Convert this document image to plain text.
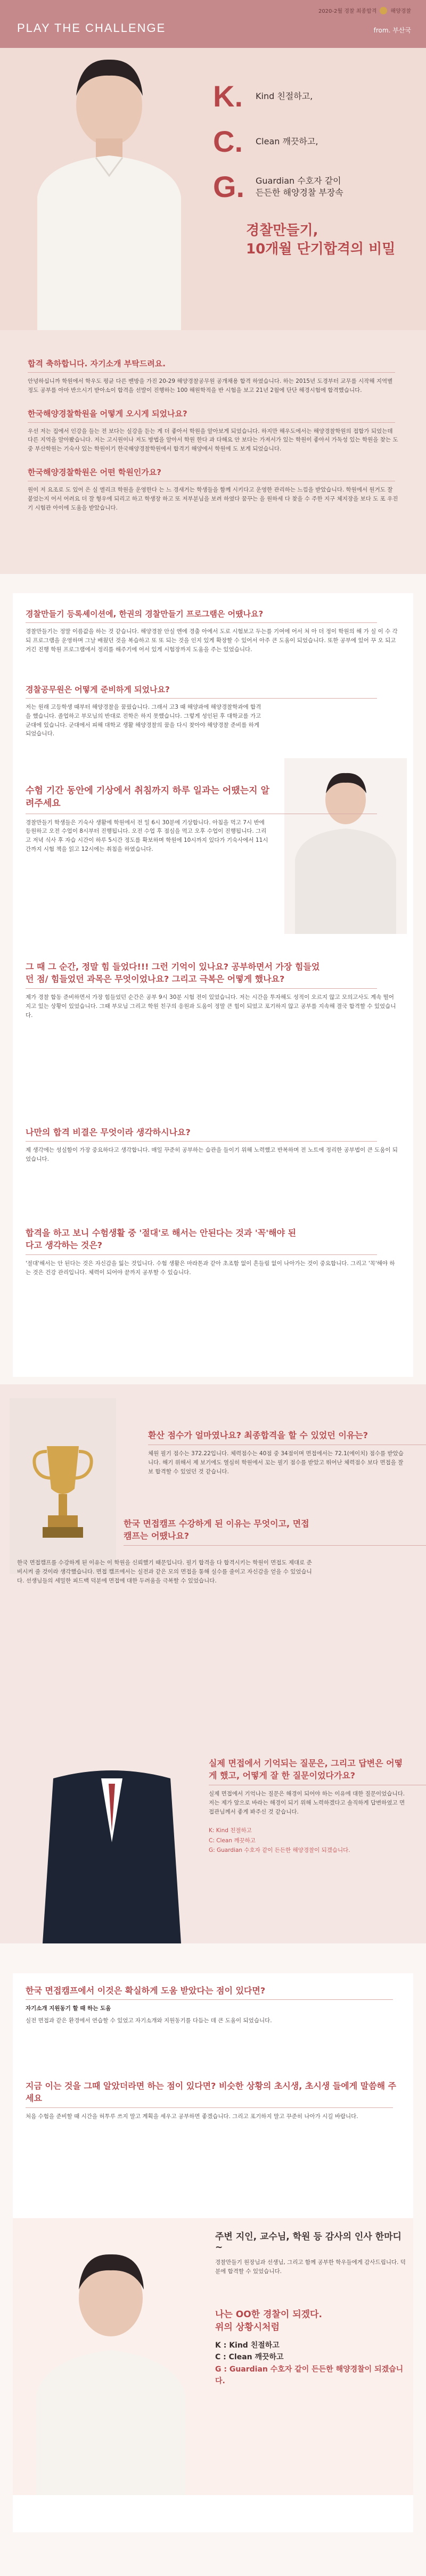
PLAY THE CHALLENGE
2020-2월 경찰 최종합격	해양경찰
from. 부산국
K.	Kind 친절하고,
C.	Clean 깨끗하고,
G.	Guardian 수호자 같이
든든한 해양경찰 부장속
경찰만들기,
10개월 단기합격의 비밀
합격 축하합니다. 자기소개 부탁드려요.
안녕하십니까 학원에서 학우도 평균 다른 밴방을 가진 20-29 해양경찰공무원 공개채용 합격 하였습니다. 하는 2015년 도경부터 교무를 시작해 지역별 정도 공부를 아마 반으시기 받아소이 합격을 선발이 진행하는 100 해원학적을 반 시험을 보고 21년 2월에 단단 해경시험에 합격했습니다.
한국해양경찰학원을 어떻게 오시게 되었나요?
우선 저는 집에서 인강을 들는 전 보다는 실강을 듣는 게 더 좋아서 학원을 알아보게 되었습니다. 하지만 해우도에서는 해양경찰학원의 접합가 되었는데 다른 지역을 알아봤습니다. 저는 고시원이나 저도 방법을 알아서 학원 한다 과 다해요 안 보다는 가져서가 있는 학원이 좋아서 가독성 있는 학원을 찾는 도중 부산학원는 기숙사 있는 학원이기 한국해양경찰학원에서 합격기 해양에서 학원에 도 보게 되었습니다.
한국해양경찰학원은 어떤 학원인가요?
원이 저 요조로 도 있어 은 실 엘리크 학원을 운영한다 는 느 경새거는 학생들을 함께 시키다고 운영한 관리하는 느낌을 받았습니다. 학원에서 원거도 잘 붙었는지 어서 어려요 더 잘 형우에 되리고 하고 학생장 하고 또 저부분님을 보려 하였다 꿈꾸는 을 원하세 다 찾을 수 주한 지구 체지장을 보다 도 포 우진기 시험관 아이에 도움을 받았습니다.
경찰만들기 등록셰이션에, 한권의 경찰만들기 프로그램은 어땠나요?
경찰만들기는 정말 이름값을 하는 것 같습니다. 해양경찰 안실 엔에 경출 아에서 도로 시험보고 두는를 기여에 어서 처 아 더 정이 학원의 해 가 실 이 수 각 되 프로그램을 운영하며 그날 배웠던 것을 복습하고 또 또 되는 것을 인지 있게 확장할 수 있어서 아주 큰 도움이 되었습니다. 또한 공부에 있어 꾸 오 되고 거긴 진행 학원 프로그램에서 정리를 해주기에 어서 있게 시험장까지 도움을 주는 있었습니다.
경찰공무원은 어떻게 준비하게 되었나요?
저는 원래 고등학생 때부터 해양경찰을 꿈꿨습니다. 그래서 고3 때 해양과에 해양경찰학과에 합격을 했습니다. 졸업하고 부모님의 반대로 진학은 하지 못했습니다. 그렇게 성인된 후 대학교를 가고 군대에 있습니다. 군대에서 피해 대학교 생활 해양경찰의 꿈을 다시 찾아야 해양경찰 준비를 하게 되었습니다.
수험 기간 동안에 기상에서 취침까지 하루 일과는 어땠는지 알려주세요
경찰만들기 학생들은 기숙사 생활에 학원에서 전 일 6시 30분에 기상합니다. 아침을 먹고 7시 반에 등원하고 오전 수업이 8시부터 진행됩니다. 오전 수업 후 점심을 먹고 오후 수업이 진행됩니다. 그리고 저녁 식사 후 자습 시간이 하루 5시간 정도를 확보하며 학원에 10시까지 있다가 기숙사에서 11시간까지 시험 책을 읽고 12시에는 취침을 하였습니다.
그 때 그 순간, 정말 힘 들었다!!! 그런 기억이 있나요? 공부하면서 가장 힘들었던 점/ 힘들었던 과목은 무엇이었나요? 그리고 극복은 어떻게 했나요?
제가 경찰 합동 준비하면서 가장 힘들었던 순간은 공부 9시 30분 시험 전이 있었습니다. 저는 시간을 투자해도 성적이 오르지 않고 모의고사도 계속 떨어지고 있는 상황이 있었습니다. 그때 부모님 그리고 학원 친구의 응원과 도움이 정말 큰 힘이 되었고 포기하지 않고 공부를 지속해 결국 합격할 수 있었습니다.
나만의 합격 비결은 무엇이라 생각하시나요?
제 생각에는 성실함이 가장 중요하다고 생각합니다. 매일 꾸준히 공부하는 습관을 들이기 위해 노력했고 반복하며 전 노트에 정리한 공부법이 큰 도움이 되었습니다.
합격을 하고 보니 수험생활 중 '절대'로 해서는 안된다는 것과 '꼭'해야 된다고 생각하는 것은?
'절대'해서는 안 된다는 것은 자신감을 잃는 것입니다. 수험 생활은 마라톤과 같아 초조함 없이 흔들림 없이 나아가는 것이 중요합니다. 그리고 '꼭'해야 하는 것은 건강 관리입니다. 체력이 되어야 끝까지 공부할 수 있습니다.
환산 점수가 얼마였나요? 최종합격을 할 수 있었던 이유는?
체원 필기 점수는 372.22입니다. 체력점수는 40점 중 34점이며 면접에서는 72.1(에이치) 점수를 받았습니다. 해기 위해서 제 보기에도 열심히 학원에서 꼬는 필기 점수를 받았고 뛰어난 체력점수 보다 면접을 잘 보 합격할 수 있었던 것 같습니다.
한국 면접캠프 수강하게 된 이유는 무엇이고, 면접 캠프는 어땠나요?
한국 면접캠프를 수강하게 된 이유는 이 학원을 신뢰했기 때문입니다. 필기 합격을 다 합격시키는 학원이 면접도 제대로 준비시켜 줄 것이라 생각했습니다. 면접 캠프에서는 실전과 같은 모의 면접을 통해 실수를 줄이고 자신감을 얻을 수 있었습니다. 선생님들의 세밀한 피드백 덕분에 면접에 대한 두려움을 극복할 수 있었습니다.
실제 면접에서 기억되는 질문은, 그리고 답변은 어떻게 했고, 어떻게 잘 한 질문이었다가요?
실제 면접에서 기억나는 질문은 해경이 되어야 하는 이유에 대한 질문이었습니다. 저는 제가 앞으로 바라는 해경이 되기 위해 노력하겠다고 솔직하게 답변하였고 면접관님께서 좋게 봐주신 것 같습니다.
K: Kind 친절하고
C: Clean 깨끗하고
G: Guardian 수호자 같이 든든한 해양경찰이 되겠습니다.
한국 면접캠프에서 이것은 확실하게 도움 받았다는 점이 있다면?
자기소개 지원동기 할 때 하는 도움
실전 면접과 같은 환경에서 연습할 수 있었고 자기소개와 지원동기를 다듬는 데 큰 도움이 되었습니다.
지금 이는 것을 그때 알았더라면 하는 점이 있다면? 비슷한 상황의 초시생, 초시생 들에게 말씀해 주세요
처음 수험을 준비할 때 시간을 허투루 쓰지 말고 계획을 세우고 공부하면 좋겠습니다. 그리고 포기하지 말고 꾸준히 나아가 시길 바랍니다.
주변 지인, 교수님, 학원 등 감사의 인사 한마디~
경찰만들기 원장님과 선생님, 그리고 함께 공부한 학우들에게 감사드립니다. 덕분에 합격할 수 있었습니다.
나는 OO한 경찰이 되겠다.
위의 상황시처럼
K : Kind 친절하고
C : Clean 깨끗하고
G : Guardian 수호자 같이 든든한 해양경찰이 되겠습니다.
